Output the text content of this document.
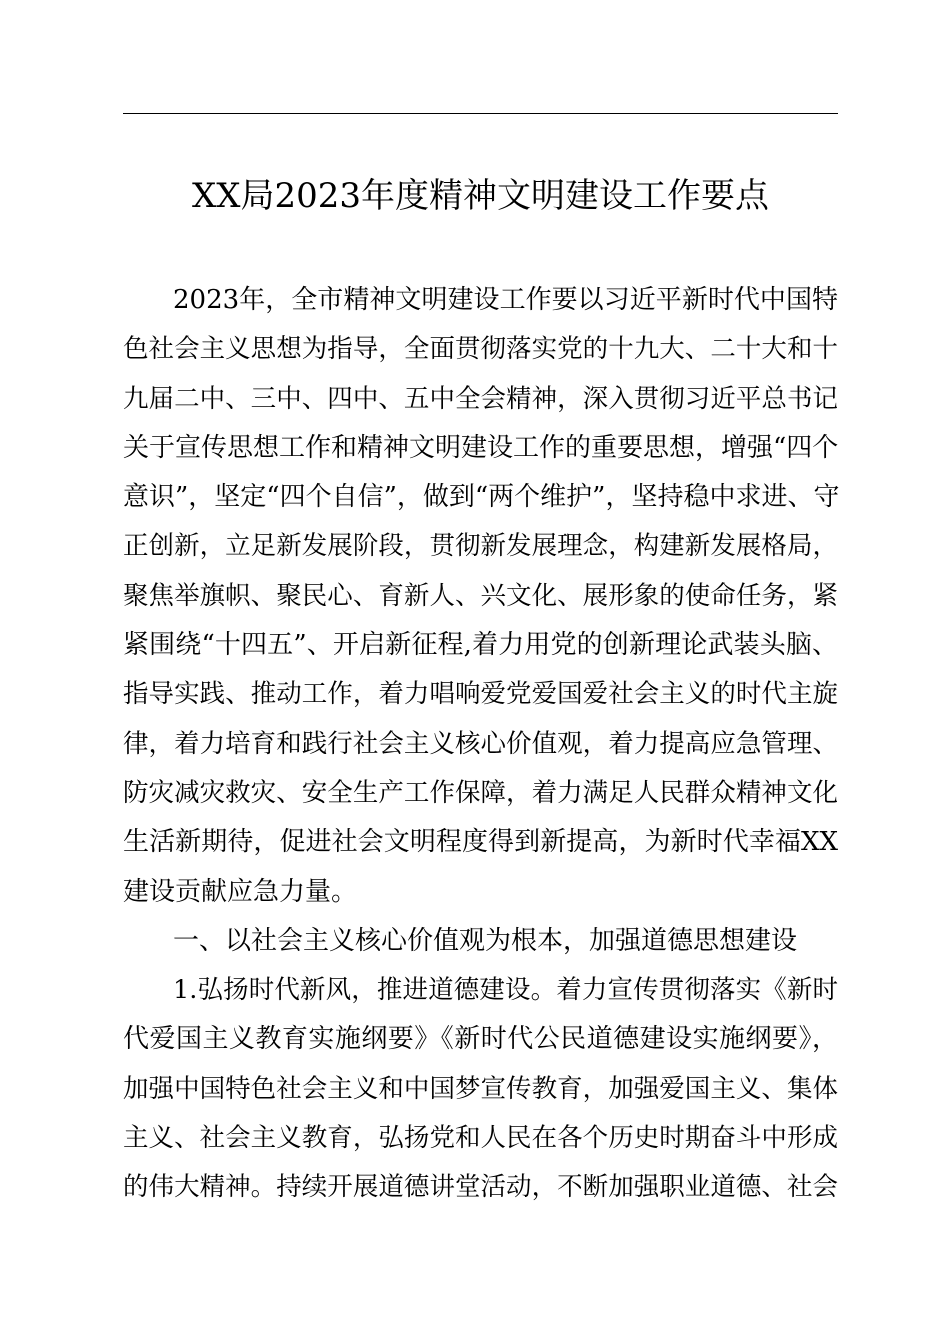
XX局2023年度精神文明建设工作要点
2023年，全市精神文明建设工作要以习近平新时代中国特
色社会主义思想为指导，全面贯彻落实党的十九大、二十大和十
九届二中、三中、四中、五中全会精神，深入贯彻习近平总书记
关于宣传思想工作和精神文明建设工作的重要思想，增强“四个
意识”，坚定“四个自信”，做到“两个维护”，坚持稳中求进、守
正创新，立足新发展阶段，贯彻新发展理念，构建新发展格局，
聚焦举旗帜、聚民心、育新人、兴文化、展形象的使命任务，紧
紧围绕“十四五”、开启新征程,着力用党的创新理论武装头脑、
指导实践、推动工作，着力唱响爱党爱国爱社会主义的时代主旋
律，着力培育和践行社会主义核心价值观，着力提高应急管理、
防灾减灾救灾、安全生产工作保障，着力满足人民群众精神文化
生活新期待，促进社会文明程度得到新提高，为新时代幸福XX
建设贡献应急力量。
一、以社会主义核心价值观为根本，加强道德思想建设
1.弘扬时代新风，推进道德建设。着力宣传贯彻落实《新时
代爱国主义教育实施纲要》《新时代公民道德建设实施纲要》，
加强中国特色社会主义和中国梦宣传教育，加强爱国主义、集体
主义、社会主义教育，弘扬党和人民在各个历史时期奋斗中形成
的伟大精神。持续开展道德讲堂活动，不断加强职业道德、社会
